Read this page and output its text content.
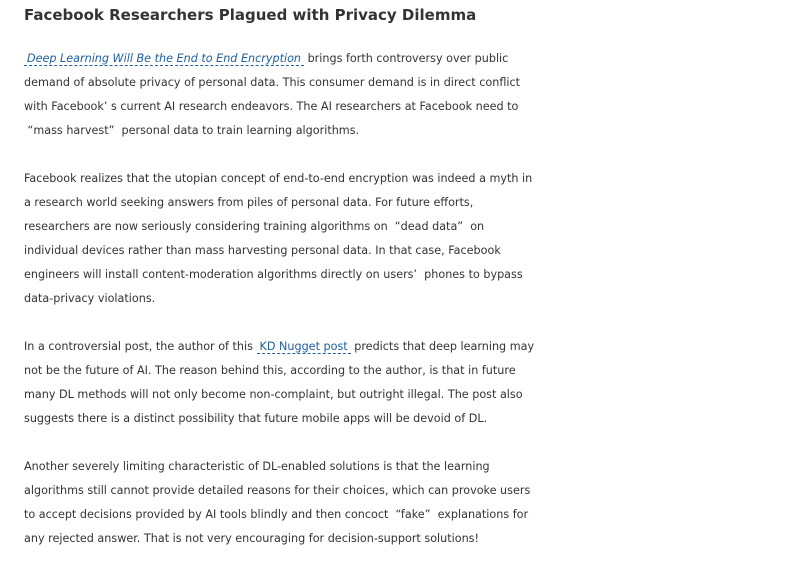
Facebook Researchers Plagued with Privacy Dilemma

Deep Learning Will Be the End to End Encryption brings forth controversy over public
demand of absolute privacy of personal data. This consumer demand is in direct conflict
with Facebook’ s current AI research endeavors. The AI researchers at Facebook need to
“mass harvest”  personal data to train learning algorithms.

Facebook realizes that the utopian concept of end-to-end encryption was indeed a myth in
a research world seeking answers from piles of personal data. For future efforts,
researchers are now seriously considering training algorithms on  “dead data”  on
individual devices rather than mass harvesting personal data. In that case, Facebook
engineers will install content-moderation algorithms directly on users’  phones to bypass
data-privacy violations.

In a controversial post, the author of this KD Nugget post predicts that deep learning may
not be the future of AI. The reason behind this, according to the author, is that in future
many DL methods will not only become non-complaint, but outright illegal. The post also
suggests there is a distinct possibility that future mobile apps will be devoid of DL.

Another severely limiting characteristic of DL-enabled solutions is that the learning
algorithms still cannot provide detailed reasons for their choices, which can provoke users
to accept decisions provided by AI tools blindly and then concoct  “fake”  explanations for
any rejected answer. That is not very encouraging for decision-support solutions!
